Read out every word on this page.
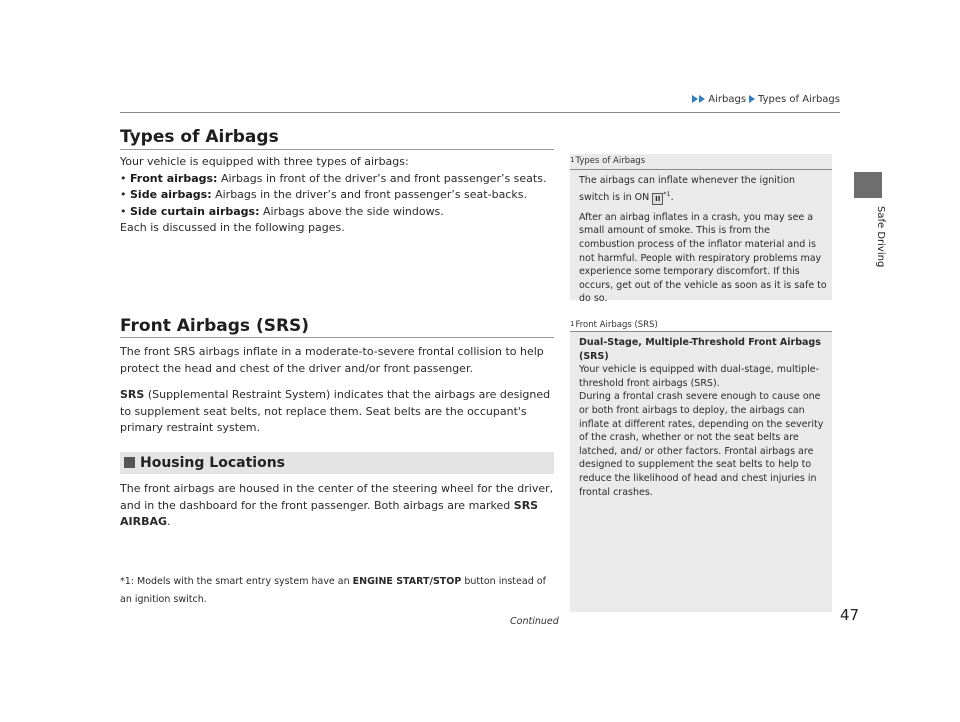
Airbags Types of Airbags
Safe Driving
Types of Airbags

Your vehicle is equipped with three types of airbags:

• Front airbags: Airbags in front of the driver’s and front passenger’s seats.

• Side airbags: Airbags in the driver’s and front passenger’s seat-backs.

• Side curtain airbags: Airbags above the side windows.

Each is discussed in the following pages.

1Types of Airbags

The airbags can inflate whenever the ignition switch is in ON II$^{*1}$.

After an airbag inflates in a crash, you may see a small amount of smoke. This is from the combustion process of the inflator material and is not harmful. People with respiratory problems may experience some temporary discomfort. If this occurs, get out of the vehicle as soon as it is safe to do so.

Front Airbags (SRS)

The front SRS airbags inflate in a moderate-to-severe frontal collision to help protect the head and chest of the driver and/or front passenger.

SRS (Supplemental Restraint System) indicates that the airbags are designed to supplement seat belts, not replace them. Seat belts are the occupant's primary restraint system.

1Front Airbags (SRS)

Dual-Stage, Multiple-Threshold Front Airbags (SRS)

Your vehicle is equipped with dual-stage, multiple-threshold front airbags (SRS).

During a frontal crash severe enough to cause one or both front airbags to deploy, the airbags can inflate at different rates, depending on the severity of the crash, whether or not the seat belts are latched, and/ or other factors. Frontal airbags are designed to supplement the seat belts to help to reduce the likelihood of head and chest injuries in frontal crashes.

Housing Locations

The front airbags are housed in the center of the steering wheel for the driver, and in the dashboard for the front passenger. Both airbags are marked SRS AIRBAG.

*1: Models with the smart entry system have an ENGINE START/STOP button instead of an ignition switch.
Continued	47
